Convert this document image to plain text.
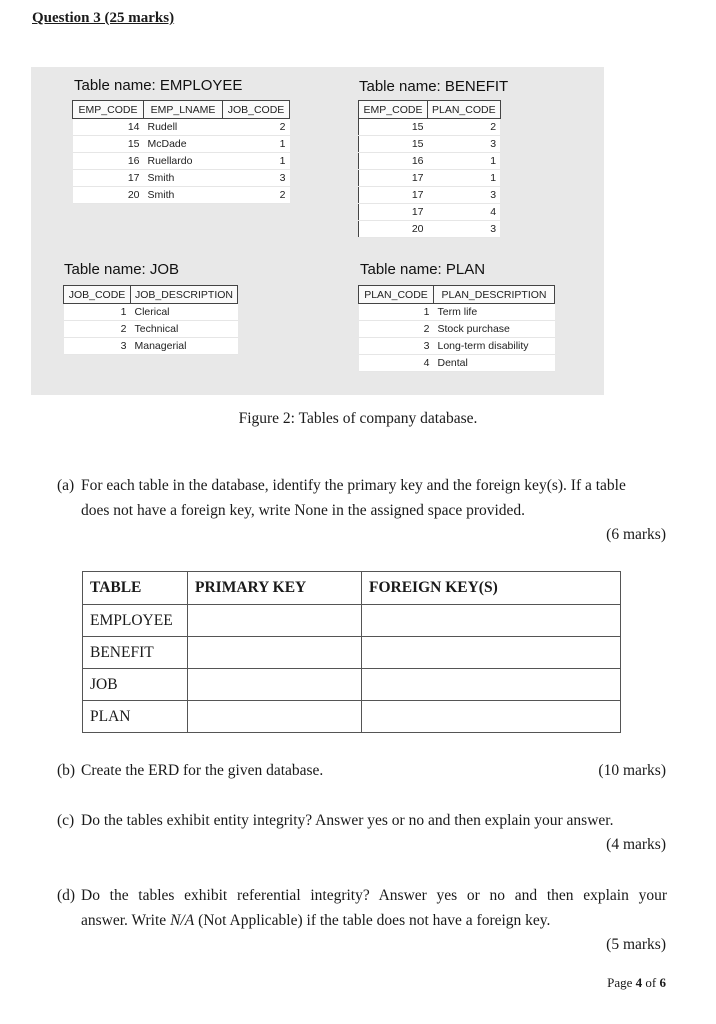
Question 3 (25 marks)
Table name: EMPLOYEE
EMP_CODE	EMP_LNAME	JOB_CODE
14	Rudell	2
15	McDade	1
16	Ruellardo	1
17	Smith	3
20	Smith	2
Table name: BENEFIT
EMP_CODE	PLAN_CODE
15	2
15	3
16	1
17	1
17	3
17	4
20	3
Table name: JOB
JOB_CODE	JOB_DESCRIPTION
1	Clerical
2	Technical
3	Managerial
Table name: PLAN
PLAN_CODE	PLAN_DESCRIPTION
1	Term life
2	Stock purchase
3	Long-term disability
4	Dental
Figure 2: Tables of company database.
(a) For each table in the database, identify the primary key and the foreign key(s). If a table
does not have a foreign key, write None in the assigned space provided.
(6 marks)
TABLE	PRIMARY KEY	FOREIGN KEY(S)
EMPLOYEE		
BENEFIT		
JOB		
PLAN		
(b) Create the ERD for the given database.	(10 marks)
(c) Do the tables exhibit entity integrity? Answer yes or no and then explain your answer.
(4 marks)
(d) Do the tables exhibit referential integrity? Answer yes or no and then explain your
answer. Write N/A (Not Applicable) if the table does not have a foreign key.
(5 marks)
Page 4 of 6
